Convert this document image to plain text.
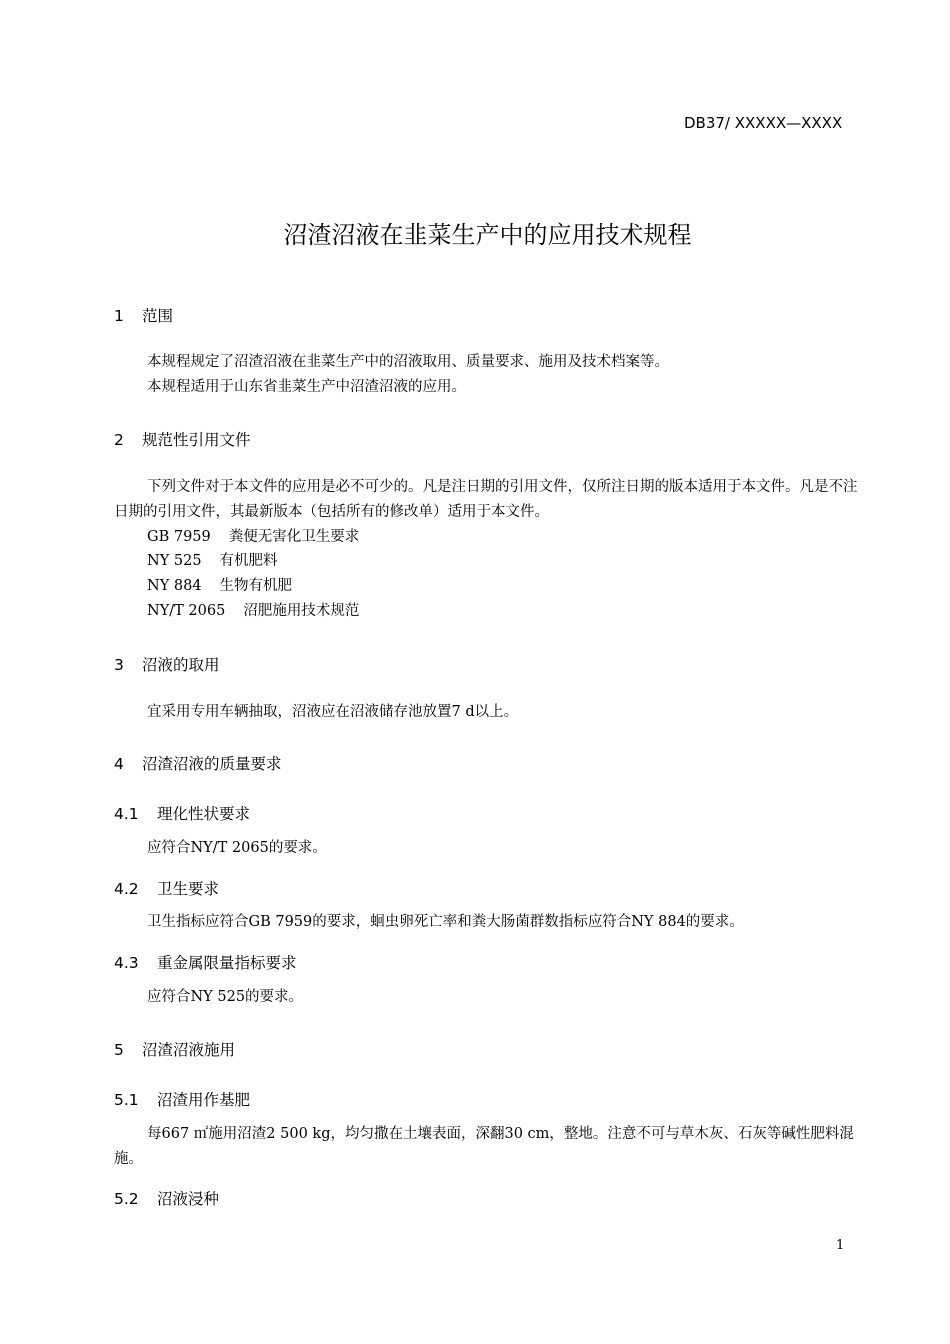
DB37/ XXXXX—XXXX
沼渣沼液在韭菜生产中的应用技术规程
1 范围
本规程规定了沼渣沼液在韭菜生产中的沼液取用、质量要求、施用及技术档案等。
本规程适用于山东省韭菜生产中沼渣沼液的应用。
2 规范性引用文件
下列文件对于本文件的应用是必不可少的。凡是注日期的引用文件，仅所注日期的版本适用于本文件。凡是不注日期的引用文件，其最新版本（包括所有的修改单）适用于本文件。
GB 7959 粪便无害化卫生要求
NY 525 有机肥料
NY 884 生物有机肥
NY/T 2065 沼肥施用技术规范
3 沼液的取用
宜采用专用车辆抽取，沼液应在沼液储存池放置7 d以上。
4 沼渣沼液的质量要求
4.1 理化性状要求
应符合NY/T 2065的要求。
4.2 卫生要求
卫生指标应符合GB 7959的要求，蛔虫卵死亡率和粪大肠菌群数指标应符合NY 884的要求。
4.3 重金属限量指标要求
应符合NY 525的要求。
5 沼渣沼液施用
5.1 沼渣用作基肥
每667 ㎡施用沼渣2 500 kg，均匀撒在土壤表面，深翻30 cm，整地。注意不可与草木灰、石灰等碱性肥料混施。
5.2 沼液浸种
1
